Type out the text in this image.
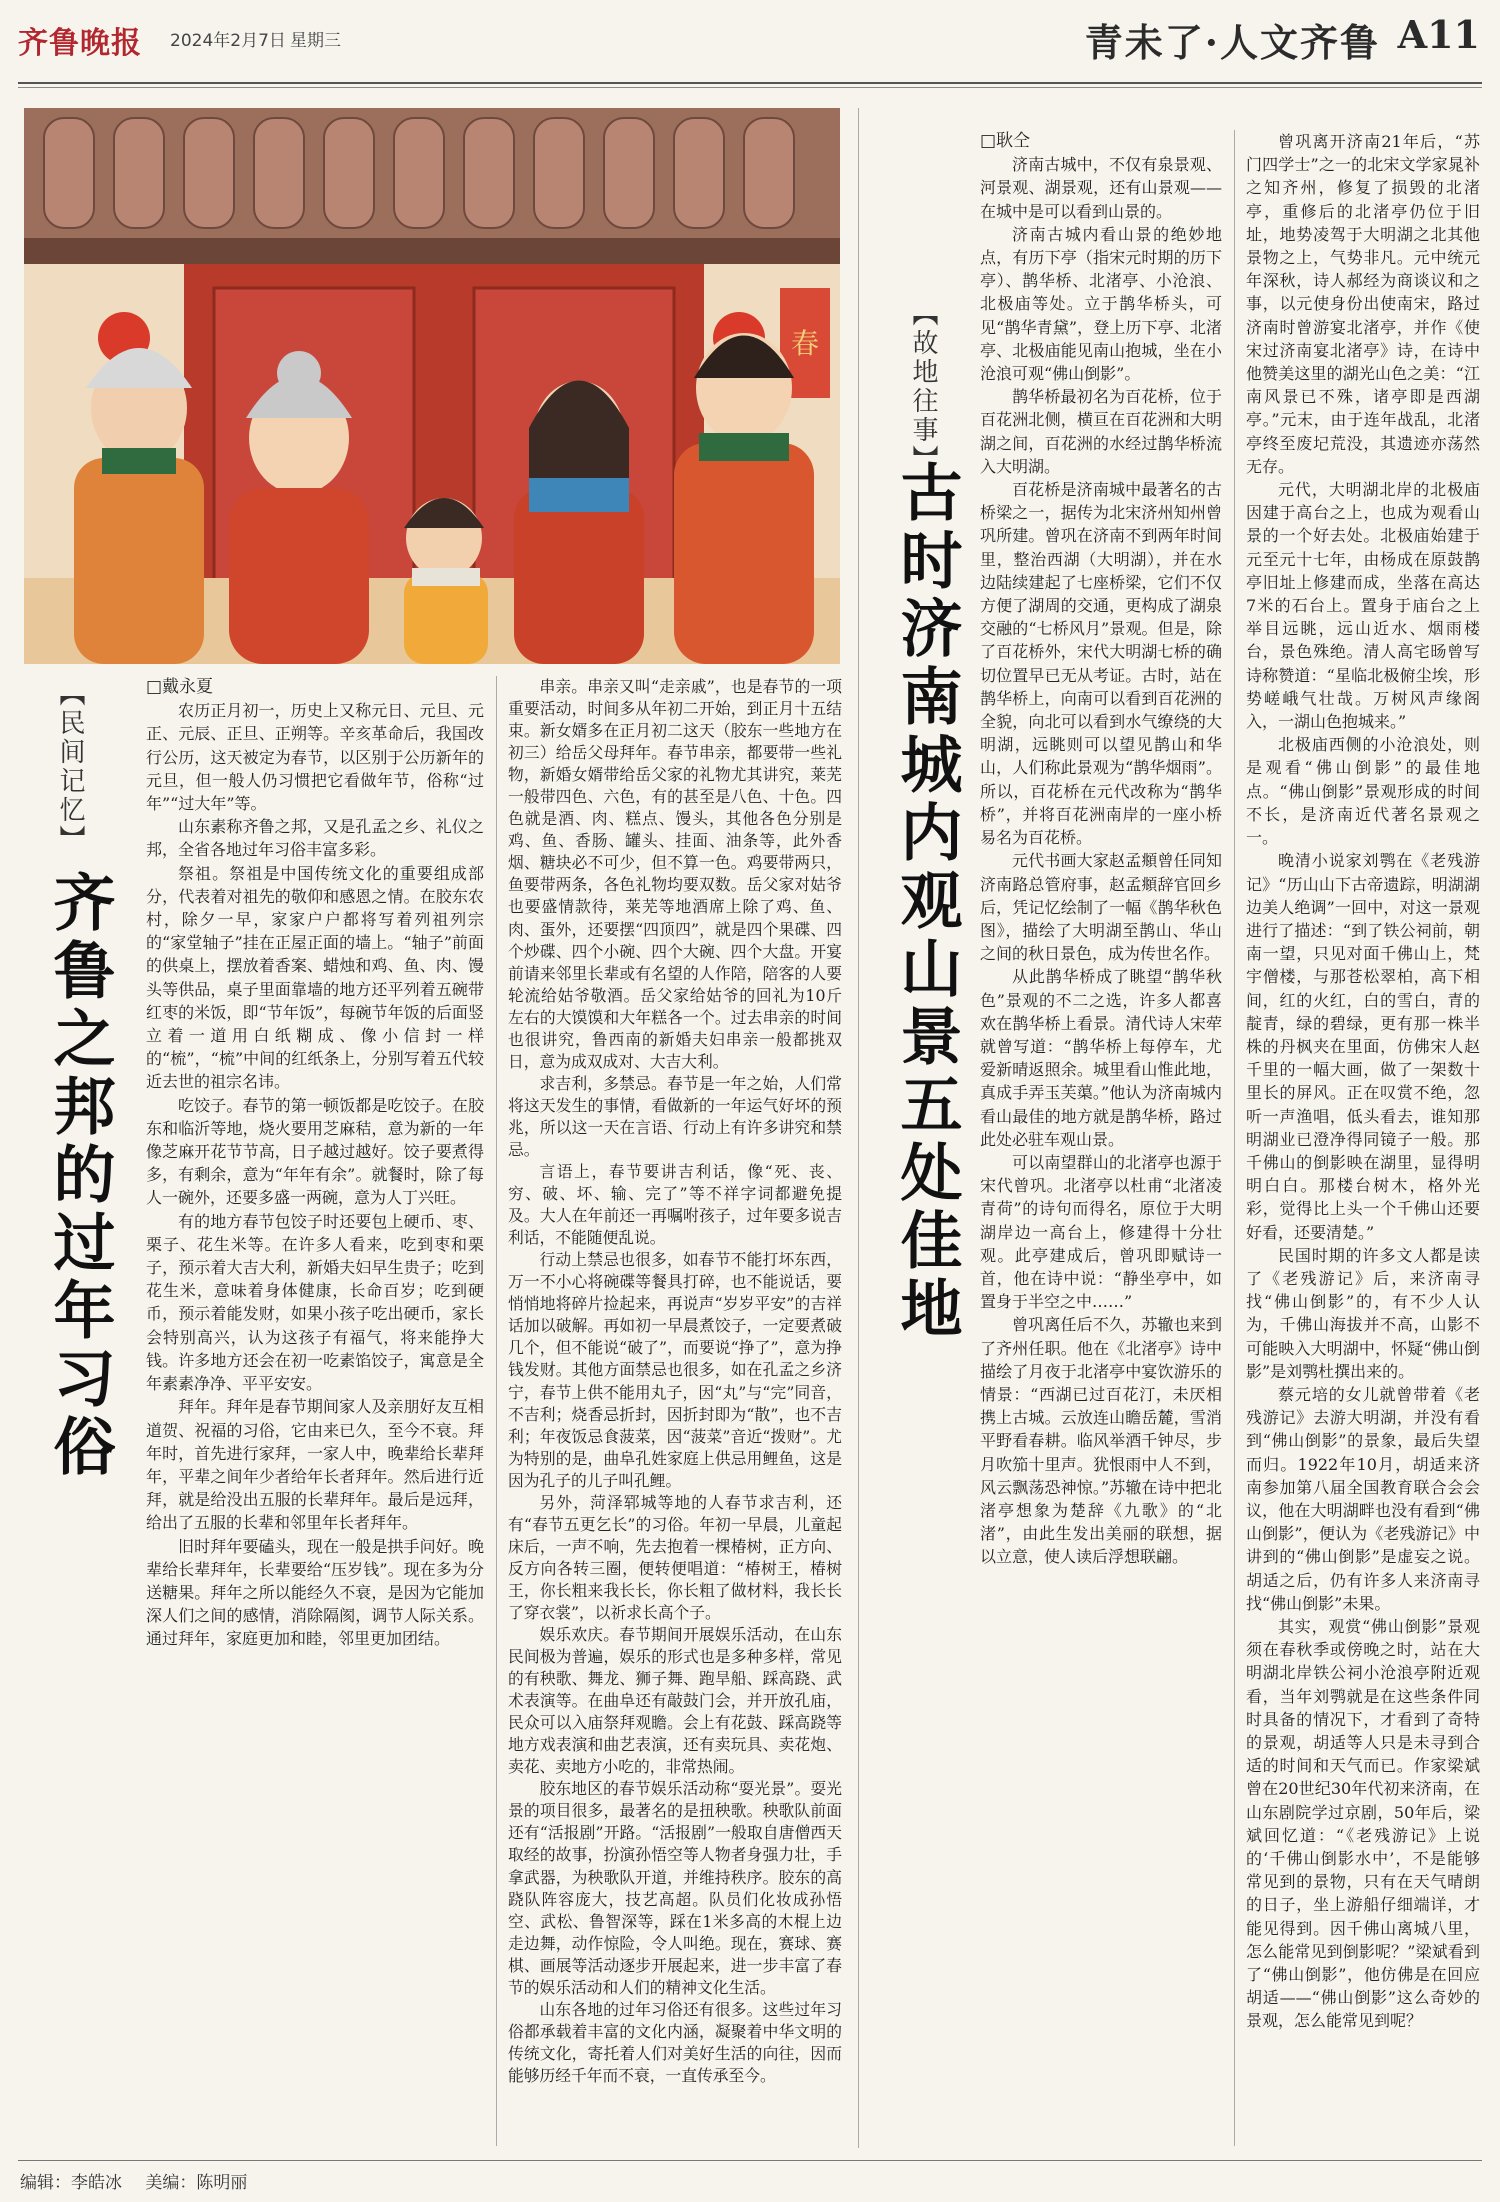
齐鲁晚报 2024年2月7日 星期三	青未了·人文齐鲁 A11
春
【民间记忆】
齐鲁之邦的过年习俗

□戴永夏

农历正月初一，历史上又称元日、元旦、元正、元辰、正旦、正朔等。辛亥革命后，我国改行公历，这天被定为春节，以区别于公历新年的元旦，但一般人仍习惯把它看做年节，俗称“过年”“过大年”等。

山东素称齐鲁之邦，又是孔孟之乡、礼仪之邦，全省各地过年习俗丰富多彩。

祭祖。祭祖是中国传统文化的重要组成部分，代表着对祖先的敬仰和感恩之情。在胶东农村，除夕一早，家家户户都将写着列祖列宗的“家堂轴子”挂在正屋正面的墙上。“轴子”前面的供桌上，摆放着香案、蜡烛和鸡、鱼、肉、馒头等供品，桌子里面靠墙的地方还平列着五碗带红枣的米饭，即“节年饭”，每碗节年饭的后面竖立着一道用白纸糊成、像小信封一样的“梳”，“梳”中间的红纸条上，分别写着五代较近去世的祖宗名讳。

吃饺子。春节的第一顿饭都是吃饺子。在胶东和临沂等地，烧火要用芝麻秸，意为新的一年像芝麻开花节节高，日子越过越好。饺子要煮得多，有剩余，意为“年年有余”。就餐时，除了每人一碗外，还要多盛一两碗，意为人丁兴旺。

有的地方春节包饺子时还要包上硬币、枣、栗子、花生米等。在许多人看来，吃到枣和栗子，预示着大吉大利，新婚夫妇早生贵子；吃到花生米，意味着身体健康，长命百岁；吃到硬币，预示着能发财，如果小孩子吃出硬币，家长会特别高兴，认为这孩子有福气，将来能挣大钱。许多地方还会在初一吃素馅饺子，寓意是全年素素净净、平平安安。

拜年。拜年是春节期间家人及亲朋好友互相道贺、祝福的习俗，它由来已久，至今不衰。拜年时，首先进行家拜，一家人中，晚辈给长辈拜年，平辈之间年少者给年长者拜年。然后进行近拜，就是给没出五服的长辈拜年。最后是远拜，给出了五服的长辈和邻里年长者拜年。

旧时拜年要磕头，现在一般是拱手问好。晚辈给长辈拜年，长辈要给“压岁钱”。现在多为分送糖果。拜年之所以能经久不衰，是因为它能加深人们之间的感情，消除隔阂，调节人际关系。通过拜年，家庭更加和睦，邻里更加团结。

串亲。串亲又叫“走亲戚”，也是春节的一项重要活动，时间多从年初二开始，到正月十五结束。新女婿多在正月初二这天（胶东一些地方在初三）给岳父母拜年。春节串亲，都要带一些礼物，新婚女婿带给岳父家的礼物尤其讲究，莱芜一般带四色、六色，有的甚至是八色、十色。四色就是酒、肉、糕点、馒头，其他各色分别是鸡、鱼、香肠、罐头、挂面、油条等，此外香烟、糖块必不可少，但不算一色。鸡要带两只，鱼要带两条，各色礼物均要双数。岳父家对姑爷也要盛情款待，莱芜等地酒席上除了鸡、鱼、肉、蛋外，还要摆“四顶四”，就是四个果碟、四个炒碟、四个小碗、四个大碗、四个大盘。开宴前请来邻里长辈或有名望的人作陪，陪客的人要轮流给姑爷敬酒。岳父家给姑爷的回礼为10斤左右的大馍馍和大年糕各一个。过去串亲的时间也很讲究，鲁西南的新婚夫妇串亲一般都挑双日，意为成双成对、大吉大利。

求吉利，多禁忌。春节是一年之始，人们常将这天发生的事情，看做新的一年运气好坏的预兆，所以这一天在言语、行动上有许多讲究和禁忌。

言语上，春节要讲吉利话，像“死、丧、穷、破、坏、输、完了”等不祥字词都避免提及。大人在年前还一再嘱咐孩子，过年要多说吉利话，不能随便乱说。

行动上禁忌也很多，如春节不能打坏东西，万一不小心将碗碟等餐具打碎，也不能说话，要悄悄地将碎片捡起来，再说声“岁岁平安”的吉祥话加以破解。再如初一早晨煮饺子，一定要煮破几个，但不能说“破了”，而要说“挣了”，意为挣钱发财。其他方面禁忌也很多，如在孔孟之乡济宁，春节上供不能用丸子，因“丸”与“完”同音，不吉利；烧香忌折封，因折封即为“散”，也不吉利；年夜饭忌食菠菜，因“菠菜”音近“拨财”。尤为特别的是，曲阜孔姓家庭上供忌用鲤鱼，这是因为孔子的儿子叫孔鲤。

另外，菏泽郓城等地的人春节求吉利，还有“春节五更乞长”的习俗。年初一早晨，儿童起床后，一声不响，先去抱着一棵椿树，正方向、反方向各转三圈，便转便唱道：“椿树王，椿树王，你长粗来我长长，你长粗了做材料，我长长了穿衣裳”，以祈求长高个子。

娱乐欢庆。春节期间开展娱乐活动，在山东民间极为普遍，娱乐的形式也是多种多样，常见的有秧歌、舞龙、狮子舞、跑旱船、踩高跷、武术表演等。在曲阜还有敲鼓门会，并开放孔庙，民众可以入庙祭拜观瞻。会上有花鼓、踩高跷等地方戏表演和曲艺表演，还有卖玩具、卖花炮、卖花、卖地方小吃的，非常热闹。

胶东地区的春节娱乐活动称“耍光景”。耍光景的项目很多，最著名的是扭秧歌。秧歌队前面还有“活报剧”开路。“活报剧”一般取自唐僧西天取经的故事，扮演孙悟空等人物者身强力壮，手拿武器，为秧歌队开道，并维持秩序。胶东的高跷队阵容庞大，技艺高超。队员们化妆成孙悟空、武松、鲁智深等，踩在1米多高的木棍上边走边舞，动作惊险，令人叫绝。现在，赛球、赛棋、画展等活动逐步开展起来，进一步丰富了春节的娱乐活动和人们的精神文化生活。

山东各地的过年习俗还有很多。这些过年习俗都承载着丰富的文化内涵，凝聚着中华文明的传统文化，寄托着人们对美好生活的向往，因而能够历经千年而不衰，一直传承至今。

【故地往事】
古时济南城内观山景五处佳地

□耿仝

济南古城中，不仅有泉景观、河景观、湖景观，还有山景观——在城中是可以看到山景的。

济南古城内看山景的绝妙地点，有历下亭（指宋元时期的历下亭）、鹊华桥、北渚亭、小沧浪、北极庙等处。立于鹊华桥头，可见“鹊华青黛”，登上历下亭、北渚亭、北极庙能见南山抱城，坐在小沧浪可观“佛山倒影”。

鹊华桥最初名为百花桥，位于百花洲北侧，横亘在百花洲和大明湖之间，百花洲的水经过鹊华桥流入大明湖。

百花桥是济南城中最著名的古桥梁之一，据传为北宋济州知州曾巩所建。曾巩在济南不到两年时间里，整治西湖（大明湖），并在水边陆续建起了七座桥梁，它们不仅方便了湖周的交通，更构成了湖泉交融的“七桥风月”景观。但是，除了百花桥外，宋代大明湖七桥的确切位置早已无从考证。古时，站在鹊华桥上，向南可以看到百花洲的全貌，向北可以看到水气缭绕的大明湖，远眺则可以望见鹊山和华山，人们称此景观为“鹊华烟雨”。所以，百花桥在元代改称为“鹊华桥”，并将百花洲南岸的一座小桥易名为百花桥。

元代书画大家赵孟頫曾任同知济南路总管府事，赵孟頫辞官回乡后，凭记忆绘制了一幅《鹊华秋色图》，描绘了大明湖至鹊山、华山之间的秋日景色，成为传世名作。

从此鹊华桥成了眺望“鹊华秋色”景观的不二之选，许多人都喜欢在鹊华桥上看景。清代诗人宋荦就曾写道：“鹊华桥上每停车，尤爱新晴返照余。城里看山惟此地，真成手弄玉芙蕖。”他认为济南城内看山最佳的地方就是鹊华桥，路过此处必驻车观山景。

可以南望群山的北渚亭也源于宋代曾巩。北渚亭以杜甫“北渚凌青荷”的诗句而得名，原位于大明湖岸边一高台上，修建得十分壮观。此亭建成后，曾巩即赋诗一首，他在诗中说：“静坐亭中，如置身于半空之中……”

曾巩离任后不久，苏辙也来到了齐州任职。他在《北渚亭》诗中描绘了月夜于北渚亭中宴饮游乐的情景：“西湖已过百花汀，未厌相携上古城。云放连山瞻岳麓，雪消平野看春耕。临风举酒千钟尽，步月吹笳十里声。犹恨雨中人不到，风云飘荡恐神惊。”苏辙在诗中把北渚亭想象为楚辞《九歌》的“北渚”，由此生发出美丽的联想，据以立意，使人读后浮想联翩。

曾巩离开济南21年后，“苏门四学士”之一的北宋文学家晁补之知齐州，修复了损毁的北渚亭，重修后的北渚亭仍位于旧址，地势凌驾于大明湖之北其他景物之上，气势非凡。元中统元年深秋，诗人郝经为商谈议和之事，以元使身份出使南宋，路过济南时曾游宴北渚亭，并作《使宋过济南宴北渚亭》诗，在诗中他赞美这里的湖光山色之美：“江南风景已不殊，诸亭即是西湖亭。”元末，由于连年战乱，北渚亭终至废圮荒没，其遗迹亦荡然无存。

元代，大明湖北岸的北极庙因建于高台之上，也成为观看山景的一个好去处。北极庙始建于元至元十七年，由杨成在原鼓鹊亭旧址上修建而成，坐落在高达7米的石台上。置身于庙台之上举目远眺，远山近水、烟雨楼台，景色殊绝。清人高宅旸曾写诗称赞道：“星临北极俯尘埃，形势嵯峨气壮哉。万树风声缘阁入，一湖山色抱城来。”

北极庙西侧的小沧浪处，则是观看“佛山倒影”的最佳地点。“佛山倒影”景观形成的时间不长，是济南近代著名景观之一。

晚清小说家刘鹗在《老残游记》“历山山下古帝遗踪，明湖湖边美人绝调”一回中，对这一景观进行了描述：“到了铁公祠前，朝南一望，只见对面千佛山上，梵宇僧楼，与那苍松翠柏，高下相间，红的火红，白的雪白，青的靛青，绿的碧绿，更有那一株半株的丹枫夹在里面，仿佛宋人赵千里的一幅大画，做了一架数十里长的屏风。正在叹赏不绝，忽听一声渔唱，低头看去，谁知那明湖业已澄净得同镜子一般。那千佛山的倒影映在湖里，显得明明白白。那楼台树木，格外光彩，觉得比上头一个千佛山还要好看，还要清楚。”

民国时期的许多文人都是读了《老残游记》后，来济南寻找“佛山倒影”的，有不少人认为，千佛山海拔并不高，山影不可能映入大明湖中，怀疑“佛山倒影”是刘鹗杜撰出来的。

蔡元培的女儿就曾带着《老残游记》去游大明湖，并没有看到“佛山倒影”的景象，最后失望而归。1922年10月，胡适来济南参加第八届全国教育联合会会议，他在大明湖畔也没有看到“佛山倒影”，便认为《老残游记》中讲到的“佛山倒影”是虚妄之说。胡适之后，仍有许多人来济南寻找“佛山倒影”未果。

其实，观赏“佛山倒影”景观须在春秋季或傍晚之时，站在大明湖北岸铁公祠小沧浪亭附近观看，当年刘鹗就是在这些条件同时具备的情况下，才看到了奇特的景观，胡适等人只是未寻到合适的时间和天气而已。作家梁斌曾在20世纪30年代初来济南，在山东剧院学过京剧，50年后，梁斌回忆道：“《老残游记》上说的‘千佛山倒影水中’，不是能够常见到的景物，只有在天气晴朗的日子，坐上游船仔细端详，才能见得到。因千佛山离城八里，怎么能常见到倒影呢？”梁斌看到了“佛山倒影”，他仿佛是在回应胡适——“佛山倒影”这么奇妙的景观，怎么能常见到呢？

编辑：李皓冰 美编：陈明丽
